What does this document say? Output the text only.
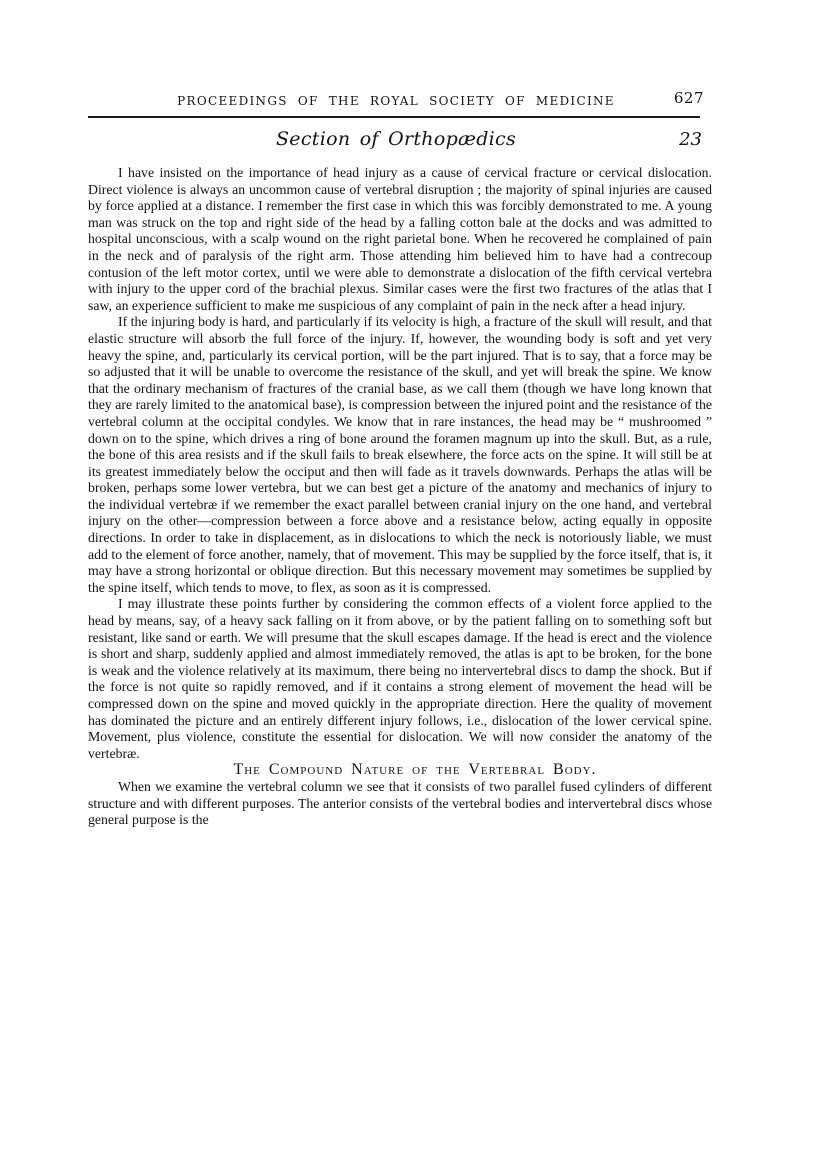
PROCEEDINGS OF THE ROYAL SOCIETY OF MEDICINE	627
Section of Orthopædics	23

I have insisted on the importance of head injury as a cause of cervical fracture or cervical dislocation. Direct violence is always an uncommon cause of vertebral disruption ; the majority of spinal injuries are caused by force applied at a distance. I remember the first case in which this was forcibly demonstrated to me. A young man was struck on the top and right side of the head by a falling cotton bale at the docks and was admitted to hospital unconscious, with a scalp wound on the right parietal bone. When he recovered he complained of pain in the neck and of paralysis of the right arm. Those attending him believed him to have had a contrecoup contusion of the left motor cortex, until we were able to demonstrate a dislocation of the fifth cervical vertebra with injury to the upper cord of the brachial plexus. Similar cases were the first two fractures of the atlas that I saw, an experience sufficient to make me suspicious of any complaint of pain in the neck after a head injury.

If the injuring body is hard, and particularly if its velocity is high, a fracture of the skull will result, and that elastic structure will absorb the full force of the injury. If, however, the wounding body is soft and yet very heavy the spine, and, particularly its cervical portion, will be the part injured. That is to say, that a force may be so adjusted that it will be unable to overcome the resistance of the skull, and yet will break the spine. We know that the ordinary mechanism of fractures of the cranial base, as we call them (though we have long known that they are rarely limited to the anatomical base), is compression between the injured point and the resistance of the vertebral column at the occipital condyles. We know that in rare instances, the head may be “ mushroomed ” down on to the spine, which drives a ring of bone around the foramen magnum up into the skull. But, as a rule, the bone of this area resists and if the skull fails to break elsewhere, the force acts on the spine. It will still be at its greatest immediately below the occiput and then will fade as it travels downwards. Perhaps the atlas will be broken, perhaps some lower vertebra, but we can best get a picture of the anatomy and mechanics of injury to the individual vertebræ if we remember the exact parallel between cranial injury on the one hand, and vertebral injury on the other—compression between a force above and a resistance below, acting equally in opposite directions. In order to take in displacement, as in dislocations to which the neck is notoriously liable, we must add to the element of force another, namely, that of movement. This may be supplied by the force itself, that is, it may have a strong horizontal or oblique direction. But this necessary movement may sometimes be supplied by the spine itself, which tends to move, to flex, as soon as it is compressed.

I may illustrate these points further by considering the common effects of a violent force applied to the head by means, say, of a heavy sack falling on it from above, or by the patient falling on to something soft but resistant, like sand or earth. We will presume that the skull escapes damage. If the head is erect and the violence is short and sharp, suddenly applied and almost immediately removed, the atlas is apt to be broken, for the bone is weak and the violence relatively at its maximum, there being no intervertebral discs to damp the shock. But if the force is not quite so rapidly removed, and if it contains a strong element of movement the head will be compressed down on the spine and moved quickly in the appropriate direction. Here the quality of movement has dominated the picture and an entirely different injury follows, i.e., dislocation of the lower cervical spine. Movement, plus violence, constitute the essential for dislocation. We will now consider the anatomy of the vertebræ.

The Compound Nature of the Vertebral Body.

When we examine the vertebral column we see that it consists of two parallel fused cylinders of different structure and with different purposes. The anterior consists of the vertebral bodies and intervertebral discs whose general purpose is the
